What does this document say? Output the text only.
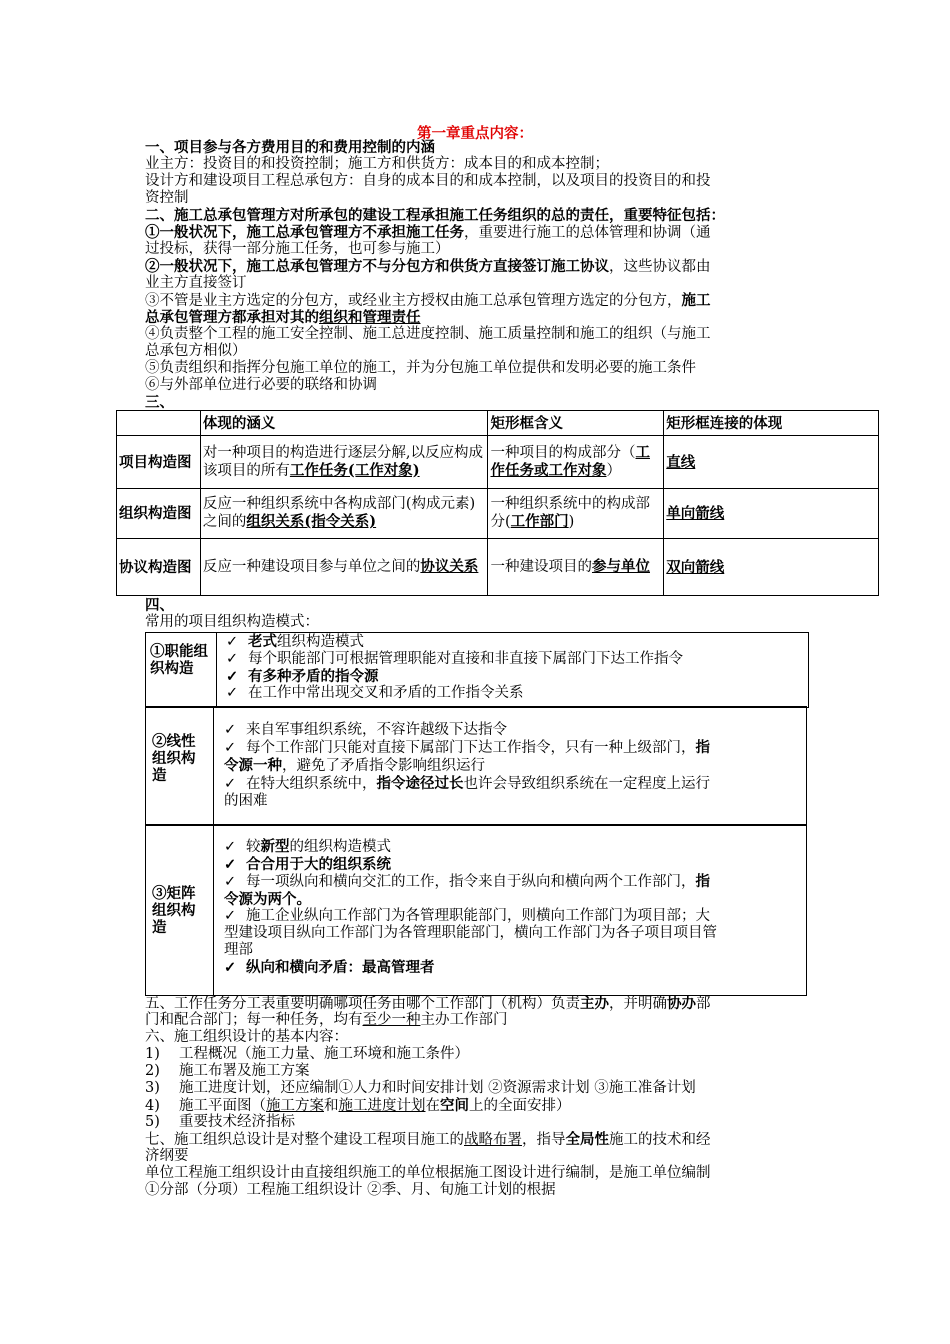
第一章重点内容：
一、项目参与各方费用目的和费用控制的内涵
业主方：投资目的和投资控制；施工方和供货方：成本目的和成本控制；
设计方和建设项目工程总承包方：自身的成本目的和成本控制，以及项目的投资目的和投
资控制
二、施工总承包管理方对所承包的建设工程承担施工任务组织的总的责任，重要特征包括：
①一般状况下，施工总承包管理方不承担施工任务，重要进行施工的总体管理和协调（通
过投标，获得一部分施工任务，也可参与施工）
②一般状况下，施工总承包管理方不与分包方和供货方直接签订施工协议，这些协议都由
业主方直接签订
③不管是业主方选定的分包方，或经业主方授权由施工总承包管理方选定的分包方，施工
总承包管理方都承担对其的组织和管理责任
④负责整个工程的施工安全控制、施工总进度控制、施工质量控制和施工的组织（与施工
总承包方相似）
⑤负责组织和指挥分包施工单位的施工，并为分包施工单位提供和发明必要的施工条件
⑥与外部单位进行必要的联络和协调
三、
	体现的涵义	矩形框含义	矩形框连接的体现
项目构造图	对一种项目的构造进行逐层分解,以反应构成该项目的所有工作任务(工作对象)	一种项目的构成部分（工作任务或工作对象）	直线
组织构造图	反应一种组织系统中各构成部门(构成元素)之间的组织关系(指令关系)	一种组织系统中的构成部分(工作部门)	单向箭线
协议构造图	反应一种建设项目参与单位之间的协议关系	一种建设项目的参与单位	双向箭线
四、
常用的项目组织构造模式：
①职能组织构造
✓ 老式组织构造模式
✓ 每个职能部门可根据管理职能对直接和非直接下属部门下达工作指令
✓ 有多种矛盾的指令源
✓ 在工作中常出现交叉和矛盾的工作指令关系
②线性组织构造
✓ 来自军事组织系统，不容许越级下达指令
✓ 每个工作部门只能对直接下属部门下达工作指令，只有一种上级部门，指
令源一种，避免了矛盾指令影响组织运行
✓ 在特大组织系统中，指令途径过长也许会导致组织系统在一定程度上运行
的困难
③矩阵组织构造
✓ 较新型的组织构造模式
✓ 合合用于大的组织系统
✓ 每一项纵向和横向交汇的工作，指令来自于纵向和横向两个工作部门，指
令源为两个。
✓ 施工企业纵向工作部门为各管理职能部门，则横向工作部门为项目部；大
型建设项目纵向工作部门为各管理职能部门，横向工作部门为各子项目项目管
理部
✓ 纵向和横向矛盾：最高管理者
五、工作任务分工表重要明确哪项任务由哪个工作部门（机构）负责主办，并明确协办部
门和配合部门；每一种任务，均有至少一种主办工作部门
六、施工组织设计的基本内容：
1)　 工程概况（施工力量、施工环境和施工条件）
2)　 施工布署及施工方案
3)　 施工进度计划，还应编制①人力和时间安排计划 ②资源需求计划 ③施工准备计划
4)　 施工平面图（施工方案和施工进度计划在空间上的全面安排）
5)　 重要技术经济指标
七、施工组织总设计是对整个建设工程项目施工的战略布署，指导全局性施工的技术和经
济纲要
单位工程施工组织设计由直接组织施工的单位根据施工图设计进行编制，是施工单位编制
①分部（分项）工程施工组织设计 ②季、月、旬施工计划的根据
